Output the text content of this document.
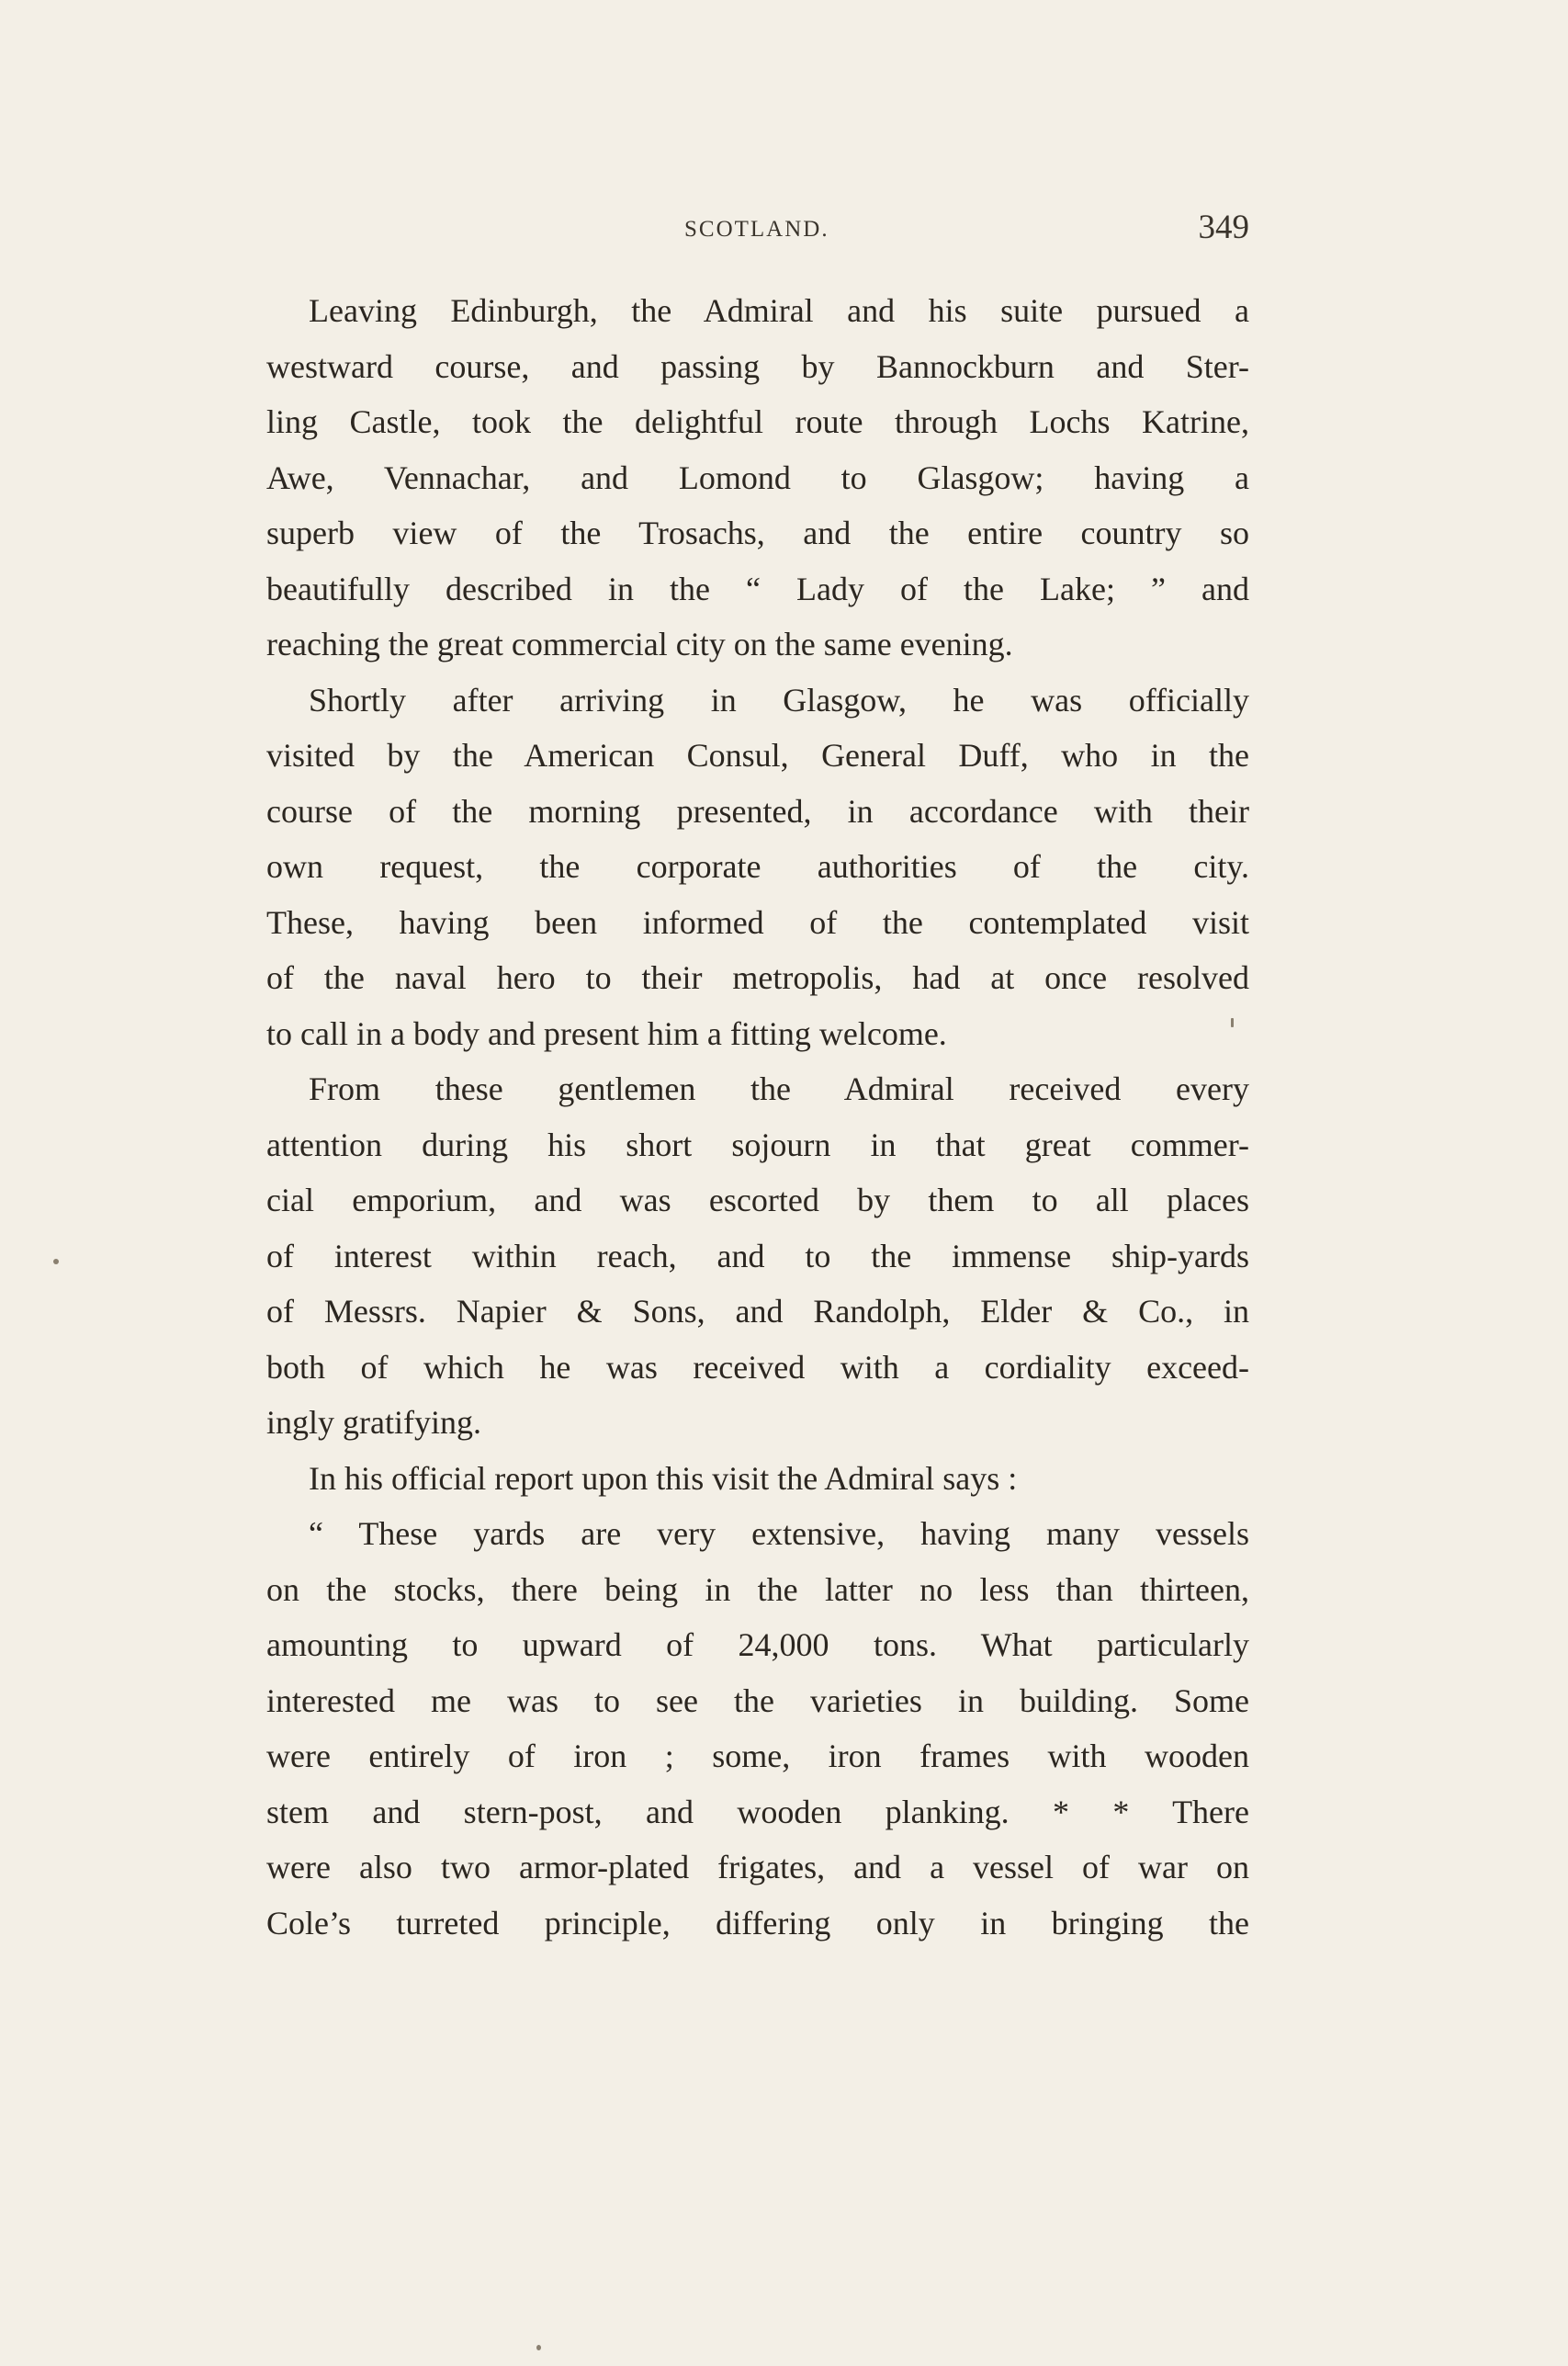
SCOTLAND.	349
Leaving Edinburgh, the Admiral and his suite pursued a
westward course, and passing by Bannockburn and Ster-
ling Castle, took the delightful route through Lochs Katrine,
Awe, Vennachar, and Lomond to Glasgow; having a
superb view of the Trosachs, and the entire country so
beautifully described in the “ Lady of the Lake; ” and
reaching the great commercial city on the same evening.
Shortly after arriving in Glasgow, he was officially
visited by the American Consul, General Duff, who in the
course of the morning presented, in accordance with their
own request, the corporate authorities of the city.
These, having been informed of the contemplated visit
of the naval hero to their metropolis, had at once resolved
to call in a body and present him a fitting welcome.
From these gentlemen the Admiral received every
attention during his short sojourn in that great commer-
cial emporium, and was escorted by them to all places
of interest within reach, and to the immense ship-yards
of Messrs. Napier & Sons, and Randolph, Elder & Co., in
both of which he was received with a cordiality exceed-
ingly gratifying.
In his official report upon this visit the Admiral says :
“ These yards are very extensive, having many vessels
on the stocks, there being in the latter no less than thirteen,
amounting to upward of 24,000 tons. What particularly
interested me was to see the varieties in building. Some
were entirely of iron ; some, iron frames with wooden
stem and stern-post, and wooden planking. * * There
were also two armor-plated frigates, and a vessel of war on
Cole’s turreted principle, differing only in bringing the
